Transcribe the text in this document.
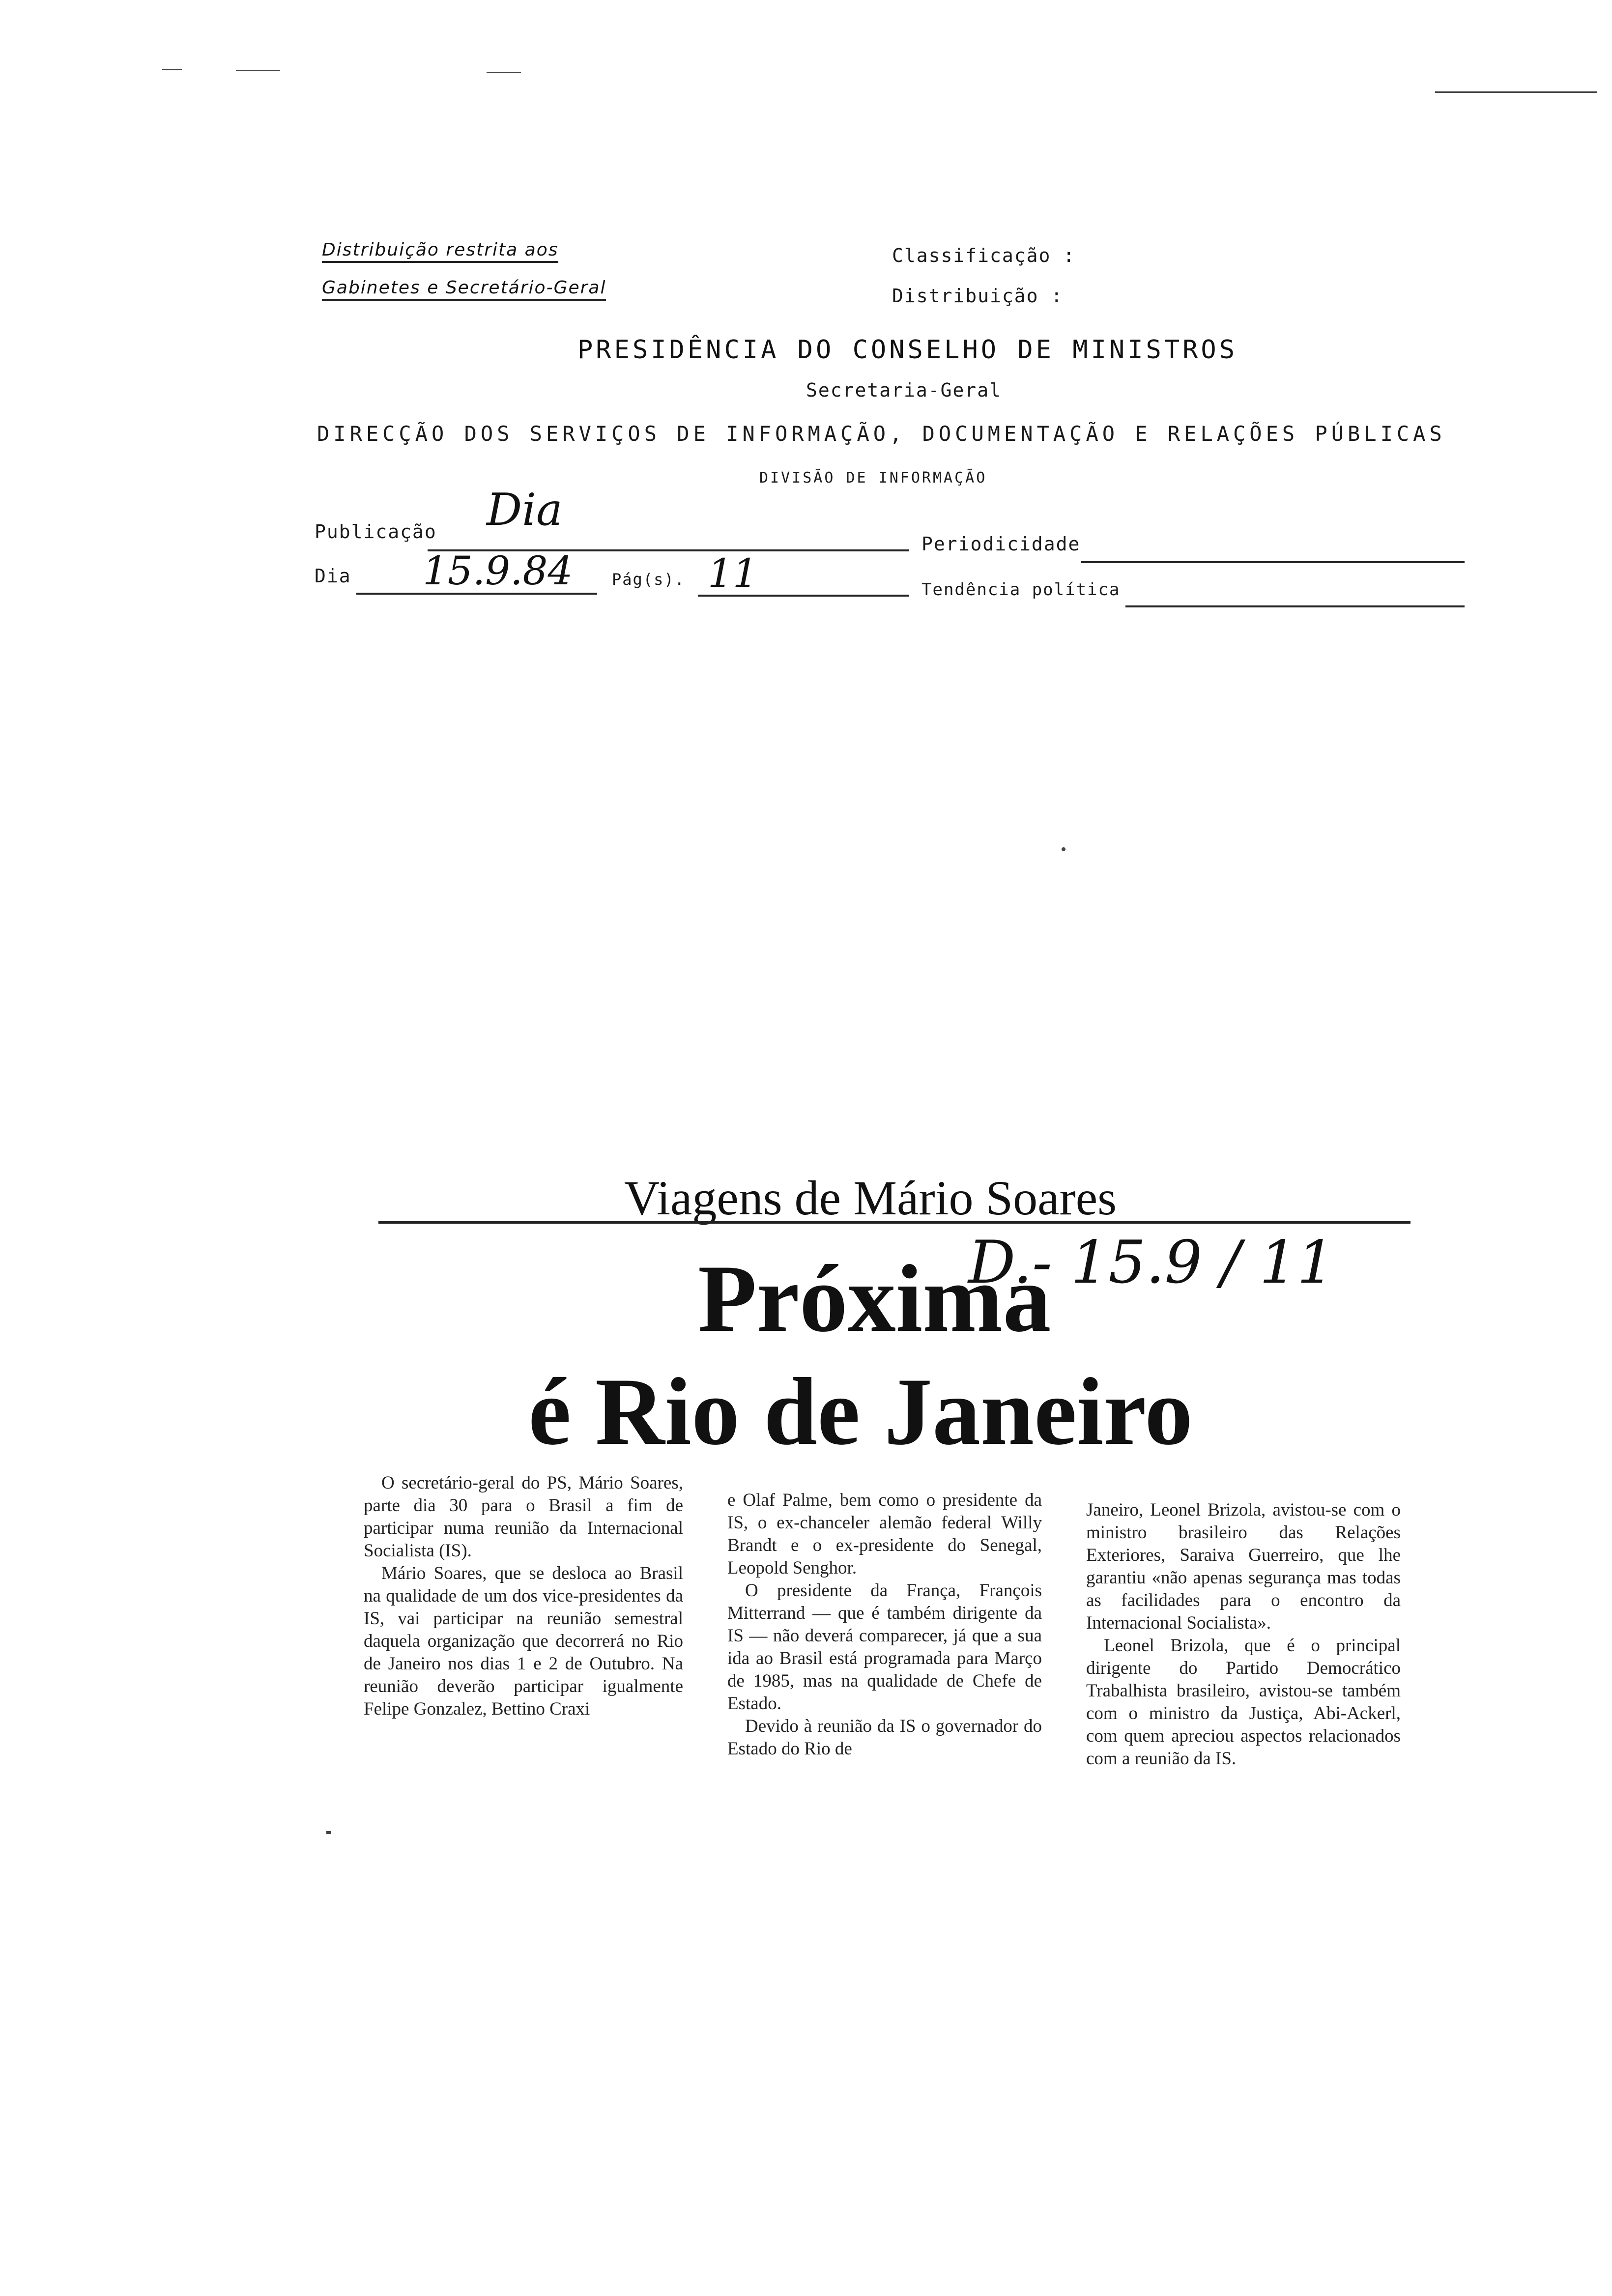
Distribuição restrita aos
Gabinetes e Secretário-Geral
Classificação :
Distribuição :
PRESIDÊNCIA DO CONSELHO DE MINISTROS
Secretaria-Geral
DIRECÇÃO DOS SERVIÇOS DE INFORMAÇÃO, DOCUMENTAÇÃO E RELAÇÕES PÚBLICAS
DIVISÃO DE INFORMAÇÃO
Publicação Dia
Periodicidade
Dia 15.9.84 Pág(s). 11	Tendência política
Viagens de Mário Soares
Próxima
D.- 15.9 / 11
é Rio de Janeiro

O secretário-geral do PS, Mário Soares, parte dia 30 para o Brasil a fim de participar numa reunião da Internacional Socialista (IS).

Mário Soares, que se desloca ao Brasil na qualidade de um dos vice-presidentes da IS, vai participar na reunião semestral daquela organização que decorrerá no Rio de Janeiro nos dias 1 e 2 de Outubro. Na reunião deverão participar igualmente Felipe Gonzalez, Bettino Craxi

e Olaf Palme, bem como o presidente da IS, o ex-chanceler alemão federal Willy Brandt e o ex-presidente do Senegal, Leopold Senghor.

O presidente da França, François Mitterrand — que é também dirigente da IS — não deverá comparecer, já que a sua ida ao Brasil está programada para Março de 1985, mas na qualidade de Chefe de Estado.

Devido à reunião da IS o governador do Estado do Rio de

Janeiro, Leonel Brizola, avistou-se com o ministro brasileiro das Relações Exteriores, Saraiva Guerreiro, que lhe garantiu «não apenas segurança mas todas as facilidades para o encontro da Internacional Socialista».

Leonel Brizola, que é o principal dirigente do Partido Democrático Trabalhista brasileiro, avistou-se também com o ministro da Justiça, Abi-Ackerl, com quem apreciou aspectos relacionados com a reunião da IS.
